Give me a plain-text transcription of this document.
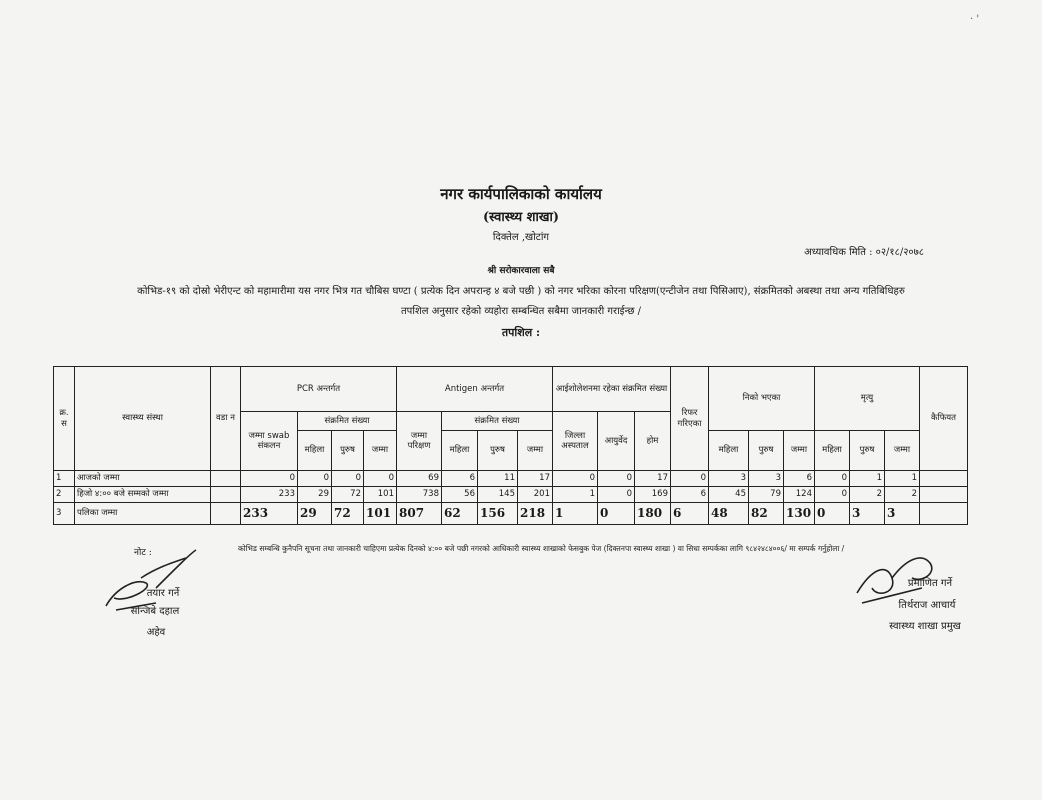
· '
नगर कार्यपालिकाको कार्यालय
(स्वास्थ्य शाखा)
दिक्तेल ,खोटांग
अध्यावधिक मिति : ०२/१८/२०७८
श्री सरोकारवाला सबै
कोभिड-१९ को दोस्रो भेरीएन्ट को महामारीमा यस नगर भित्र गत चौबिस घण्टा ( प्रत्येक दिन अपरान्ह ४ बजे पछी ) को नगर भरिका कोरना परिक्षण(एन्टीजेन तथा पिसिआए), संक्रमितको अबस्था तथा अन्य गतिबिधिहरु
तपशिल अनुसार रहेको व्यहोरा सम्बन्धित सबैमा जानकारी गराईन्छ /
तपशिल :
क्र. स	स्वास्थ्य संस्था	वडा न	PCR अन्तर्गत				Antigen अन्तर्गत				आईशोलेशनमा रहेका संक्रमित संख्या			रिफर गरिएका	निको भएका			मृत्यु			कैफियत
			जम्मा swab संकलन	संक्रमित संख्या			जम्मा परिक्षण	संक्रमित संख्या			जिल्ला अस्पताल	आयुर्वेद	होम								
				महिला	पुरुष	जम्मा		महिला	पुरुष	जम्मा					महिला	पुरुष	जम्मा	महिला	पुरुष	जम्मा	
1	आजको जम्मा		0	0	0	0	69	6	11	17	0	0	17	0	3	3	6	0	1	1	
2	हिजो ४:०० बजे सम्मको जम्मा		233	29	72	101	738	56	145	201	1	0	169	6	45	79	124	0	2	2	
3	पलिका जम्मा		233	29	72	101	807	62	156	218	1	0	180	6	48	82	130	0	3	3	
नोट :	कोभिड सम्बन्धि कुनैपनि सूचना तथा जानकारी चाहिएमा प्रत्येक दिनको ४:०० बजे पछी नगरको आधिकारी स्वास्थ्य शाखाको फेसबुक पेज (दिक्तनपा स्वास्थ्य शाखा ) वा सिधा सम्पर्कका लागि ९८४२४८४००६/ मा सम्पर्क गर्नुहोला /
तयार गर्ने
सन्जिबे दहाल
अहेव
प्रमाणित गर्ने
तिर्थराज आचार्य
स्वास्थ्य शाखा प्रमुख
